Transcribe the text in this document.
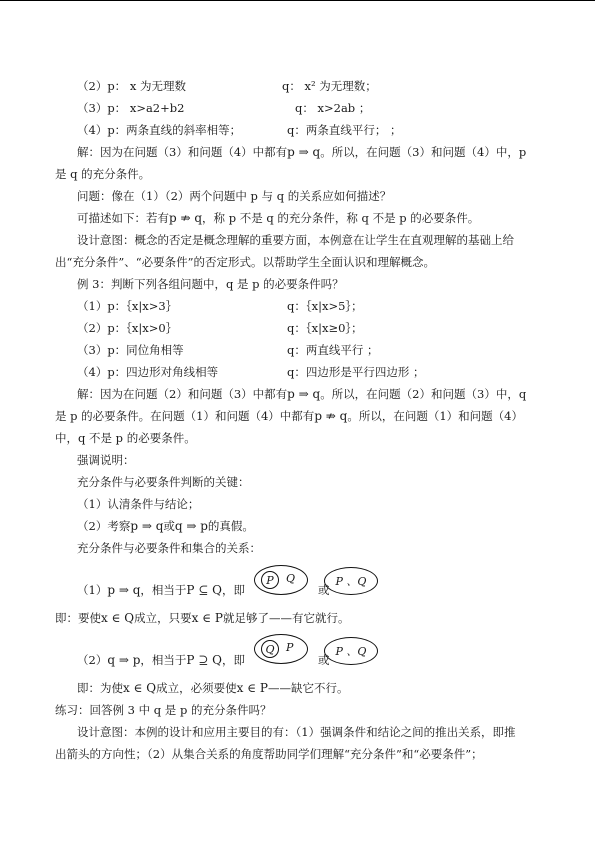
（2）p： x 为无理数	q： x² 为无理数；
（3）p： x>a2+b2	q： x>2ab ；
（4）p：两条直线的斜率相等；	q：两条直线平行； ；
解：因为在问题（3）和问题（4）中都有p ⇒ q。所以，在问题（3）和问题（4）中，p
是 q 的充分条件。
问题：像在（1）（2）两个问题中 p 与 q 的关系应如何描述？
可描述如下：若有p ⇏ q，称 p 不是 q 的充分条件，称 q 不是 p 的必要条件。
设计意图：概念的否定是概念理解的重要方面，本例意在让学生在直观理解的基础上给
出“充分条件”、“必要条件”的否定形式。以帮助学生全面认识和理解概念。
例 3：判断下列各组问题中，q 是 p 的必要条件吗？
（1）p：｛x|x>3｝	q：｛x|x>5｝；
（2）p：｛x|x>0｝	q：｛x|x≥0｝；
（3）p：同位角相等	q：两直线平行 ；
（4）p：四边形对角线相等	q：四边形是平行四边形 ；
解：因为在问题（2）和问题（3）中都有p ⇒ q。所以，在问题（2）和问题（3）中，q
是 p 的必要条件。在问题（1）和问题（4）中都有p ⇏ q。所以，在问题（1）和问题（4）
中，q 不是 p 的必要条件。
强调说明：
充分条件与必要条件判断的关键：
（1）认清条件与结论；
（2）考察p ⇒ q或q ⇒ p的真假。
充分条件与必要条件和集合的关系：
（1）p ⇒ q，相当于P ⊆ Q，即	或
P Q	P 、Q
即：要使x ∈ Q成立，只要x ∈ P就足够了——有它就行。
（2）q ⇒ p，相当于P ⊇ Q，即	或
Q P	P 、Q
即：为使x ∈ Q成立，必须要使x ∈ P——缺它不行。
练习：回答例 3 中 q 是 p 的充分条件吗？
设计意图：本例的设计和应用主要目的有：（1）强调条件和结论之间的推出关系，即推
出箭头的方向性；（2）从集合关系的角度帮助同学们理解“充分条件”和“必要条件”；
